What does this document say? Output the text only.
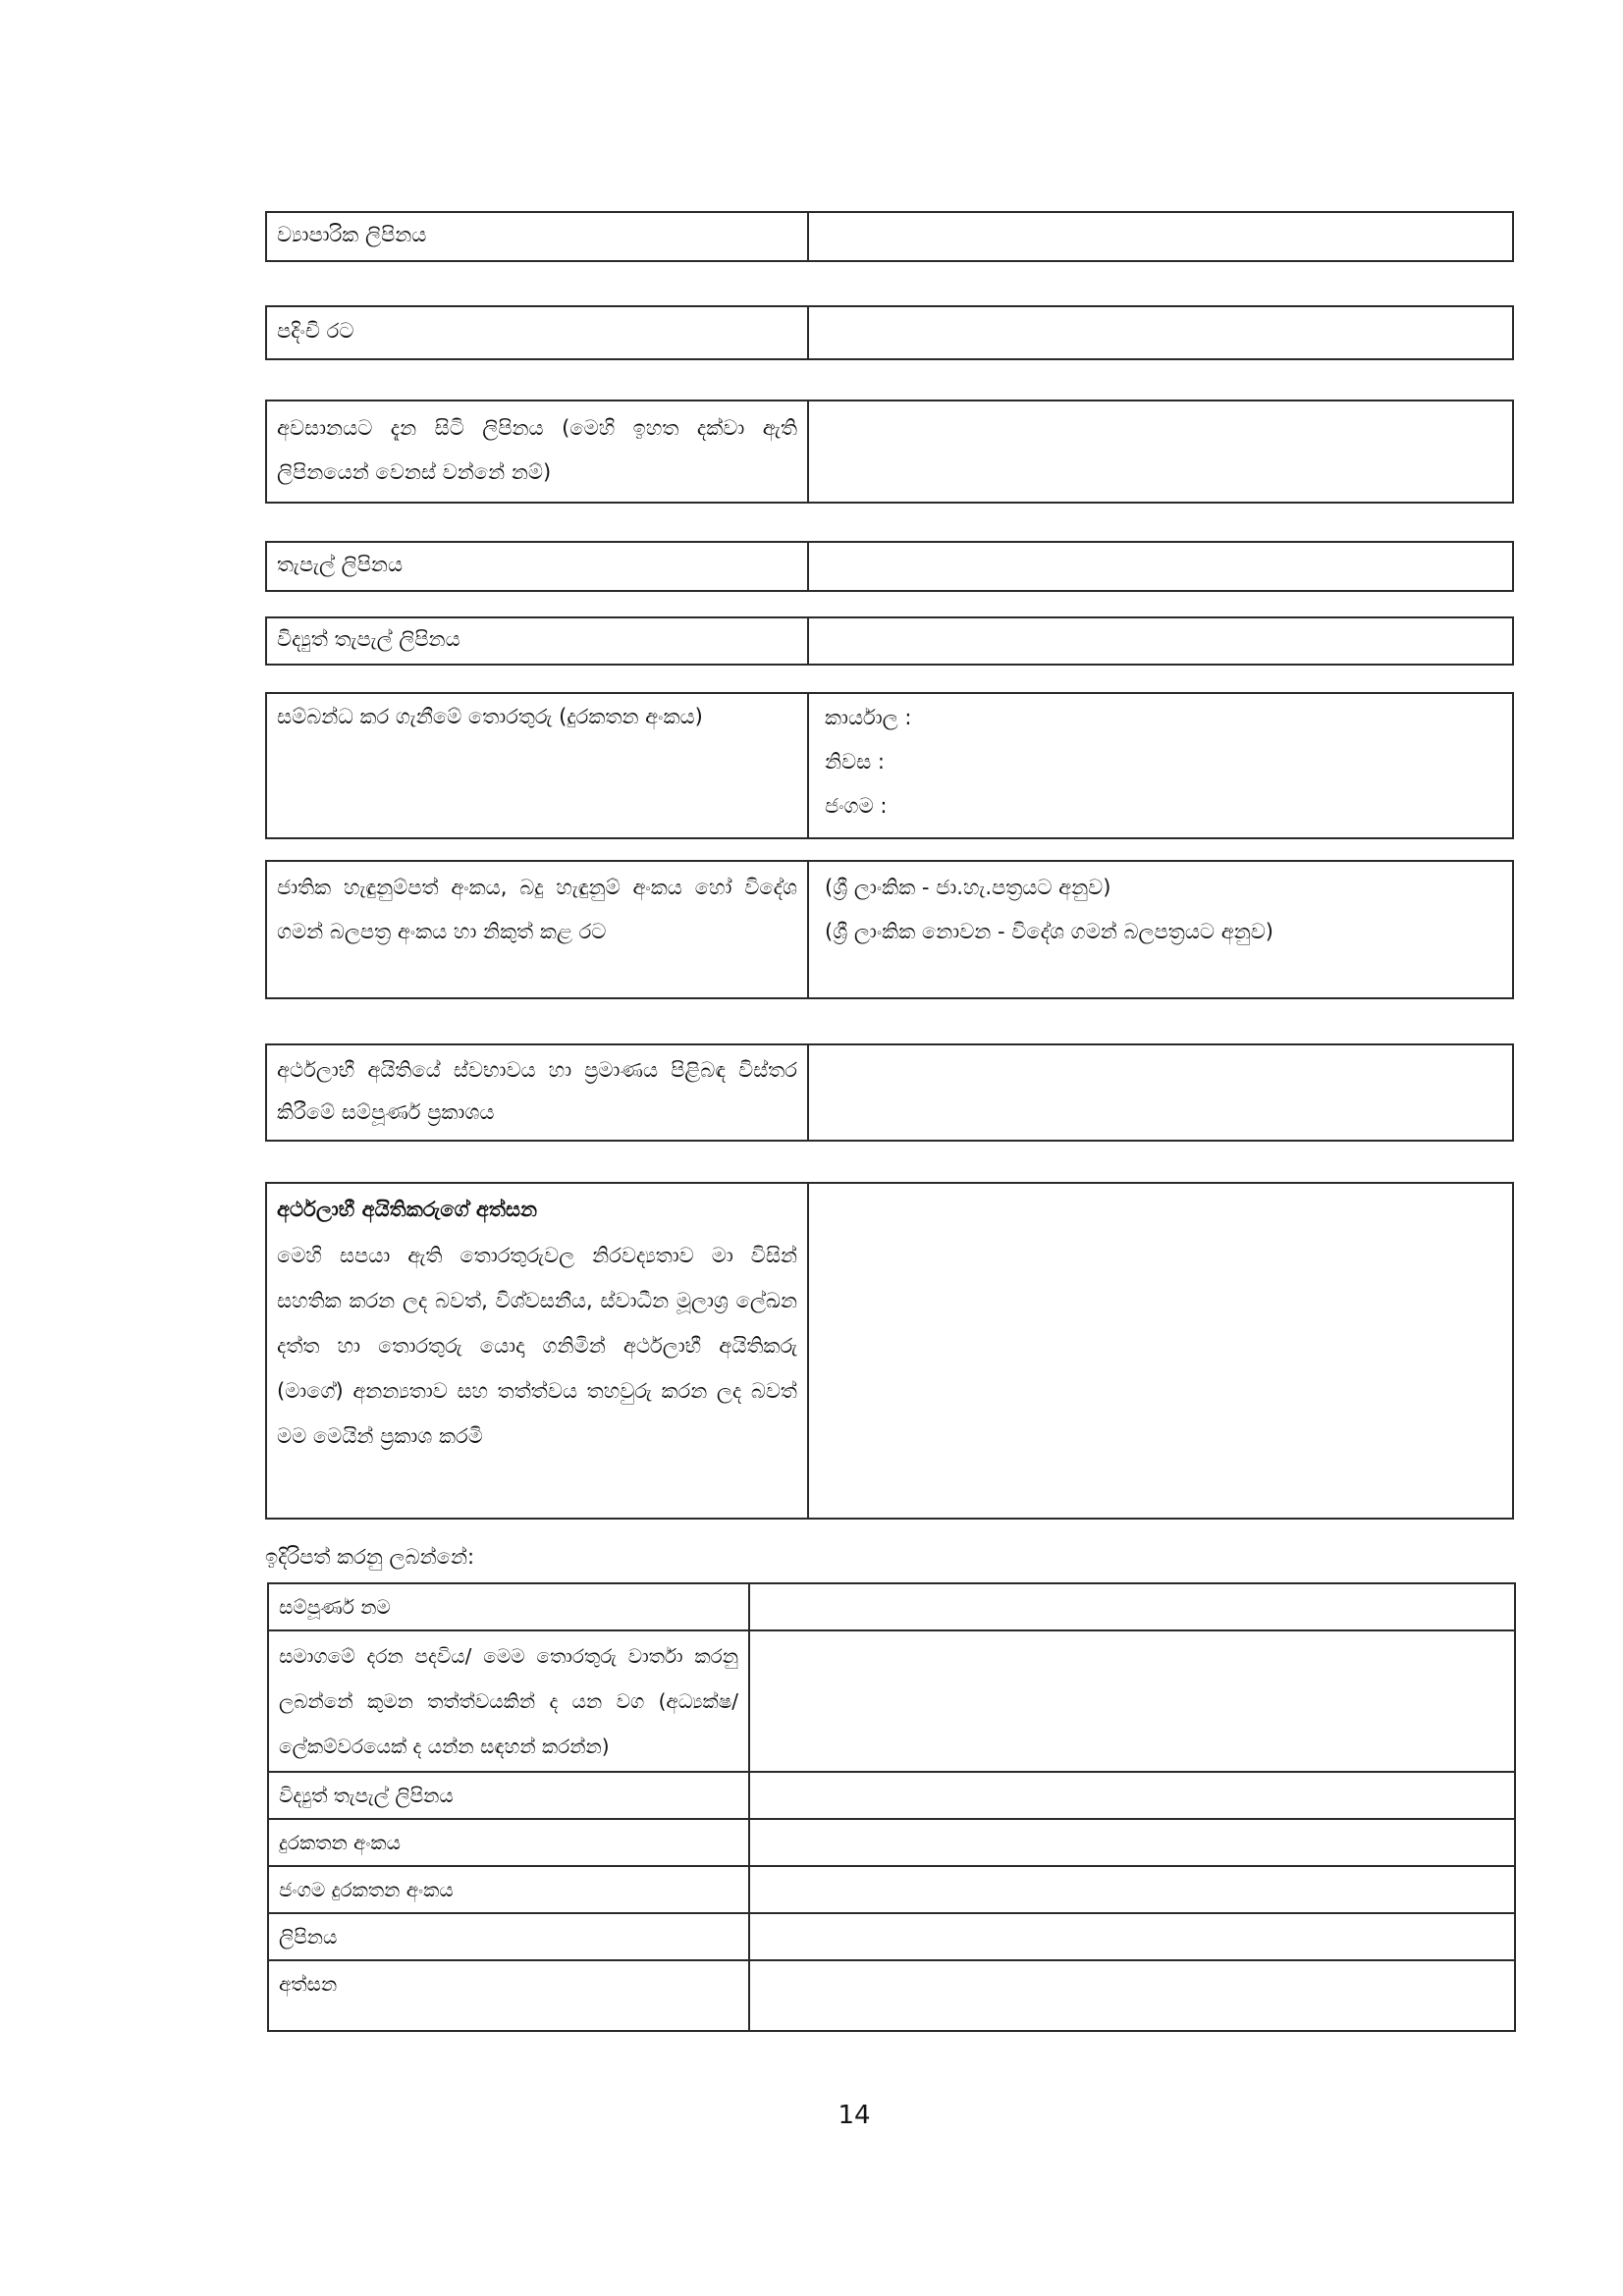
ව්‍යාපාරික ලිපිනය
පදිංචි රට
අවසානයට දැන සිටි ලිපිනය (මෙහි ඉහත දක්වා ඇති ලිපිනයෙන් වෙනස් වන්නේ නම්)
තැපැල් ලිපිනය
විද්‍යුත් තැපැල් ලිපිනය
සම්බන්ධ කර ගැනීමේ තොරතුරු (දුරකතන අංකය)	කාර්යාල :
නිවස :
ජංගම :
ජාතික හැඳුනුම්පත් අංකය, බදු හැඳුනුම් අංකය හෝ විදේශ ගමන් බලපත්‍ර අංකය හා නිකුත් කළ රට
(ශ්‍රී ලාංකික - ජා.හැ.පත්‍රයට අනුව)
(ශ්‍රී ලාංකික නොවන - විදේශ ගමන් බලපත්‍රයට අනුව)
අර්ථලාභී අයිතියේ ස්වභාවය හා ප්‍රමාණය පිළිබඳ විස්තර කිරීමේ සම්පූර්ණ ප්‍රකාශය
අර්ථලාභී අයිතිකරුගේ අත්සන
මෙහි සපයා ඇති තොරතුරුවල නිරවද්‍යතාව මා විසින් සහතික කරන ලද බවත්, විශ්වසනීය, ස්වාධීන මූලාශ්‍ර ලේඛන දත්ත හා තොරතුරු යොදා ගනිමින් අර්ථලාභී අයිතිකරු (මාගේ) අනන්‍යතාව සහ තත්ත්වය තහවුරු කරන ලද බවත් මම මෙයින් ප්‍රකාශ කරමි
ඉදිරිපත් කරනු ලබන්නේ:
සම්පූර්ණ නම
සමාගමේ දරන පදවිය/ මෙම තොරතුරු වාර්තා කරනු ලබන්නේ කුමන තත්ත්වයකින් ද යන වග (අධ්‍යක්ෂ/ ලේකම්වරයෙක් ද යන්න සඳහන් කරන්න)
විද්‍යුත් තැපැල් ලිපිනය
දුරකතන අංකය
ජංගම දුරකතන අංකය
ලිපිනය
අත්සන
14
